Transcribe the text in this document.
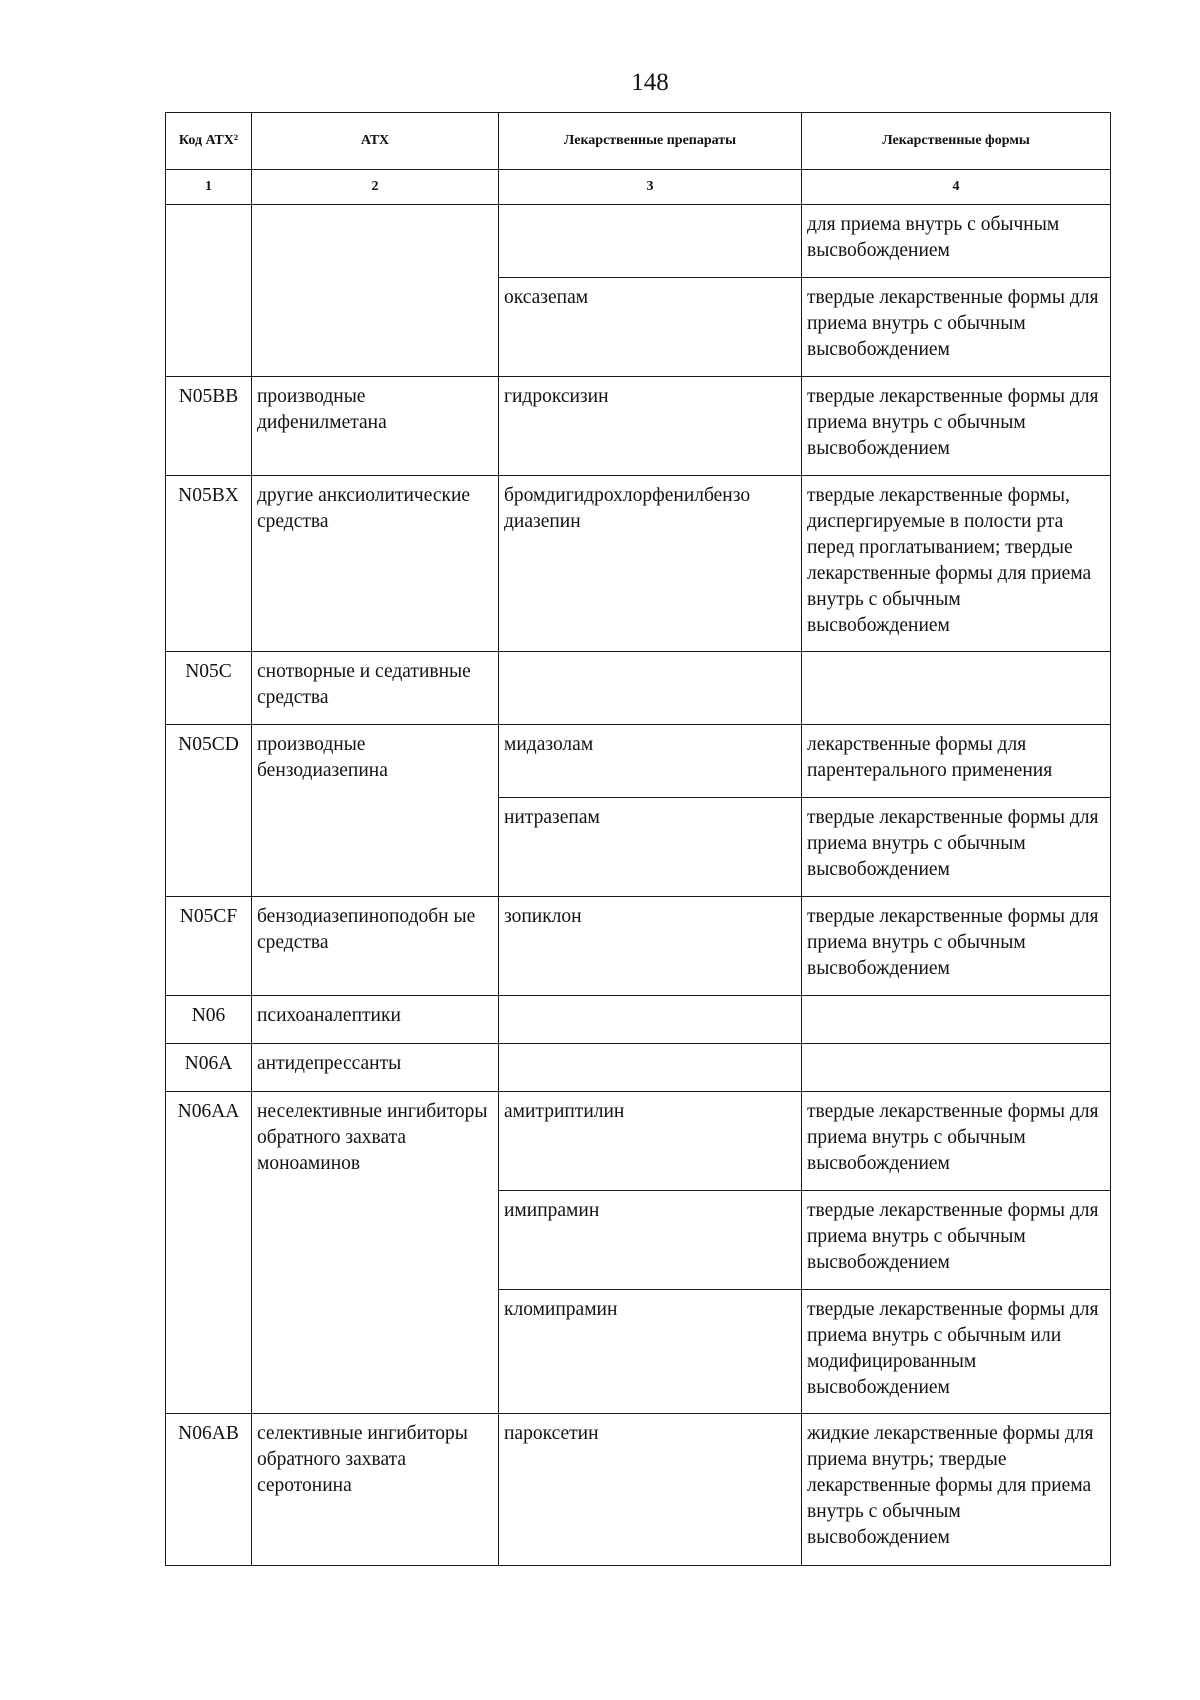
148
Код АТХ²	АТХ	Лекарственные препараты	Лекарственные формы
1	2	3	4
			для приема внутрь с обычным высвобождением
		оксазепам	твердые лекарственные формы для приема внутрь с обычным высвобождением
N05BB	производные дифенилметана	гидроксизин	твердые лекарственные формы для приема внутрь с обычным высвобождением
N05BX	другие анксиолитические средства	бромдигидрохлорфенилбензо диазепин	твердые лекарственные формы, диспергируемые в полости рта перед проглатыванием; твердые лекарственные формы для приема внутрь с обычным высвобождением
N05C	снотворные и седативные средства		
N05CD	производные бензодиазепина	мидазолам	лекарственные формы для парентерального применения
		нитразепам	твердые лекарственные формы для приема внутрь с обычным высвобождением
N05CF	бензодиазепиноподобн ые средства	зопиклон	твердые лекарственные формы для приема внутрь с обычным высвобождением
N06	психоаналептики		
N06A	антидепрессанты		
N06AA	неселективные ингибиторы обратного захвата моноаминов	амитриптилин	твердые лекарственные формы для приема внутрь с обычным высвобождением
		имипрамин	твердые лекарственные формы для приема внутрь с обычным высвобождением
		кломипрамин	твердые лекарственные формы для приема внутрь с обычным или модифицированным высвобождением
N06AB	селективные ингибиторы обратного захвата серотонина	пароксетин	жидкие лекарственные формы для приема внутрь; твердые лекарственные формы для приема внутрь с обычным высвобождением
